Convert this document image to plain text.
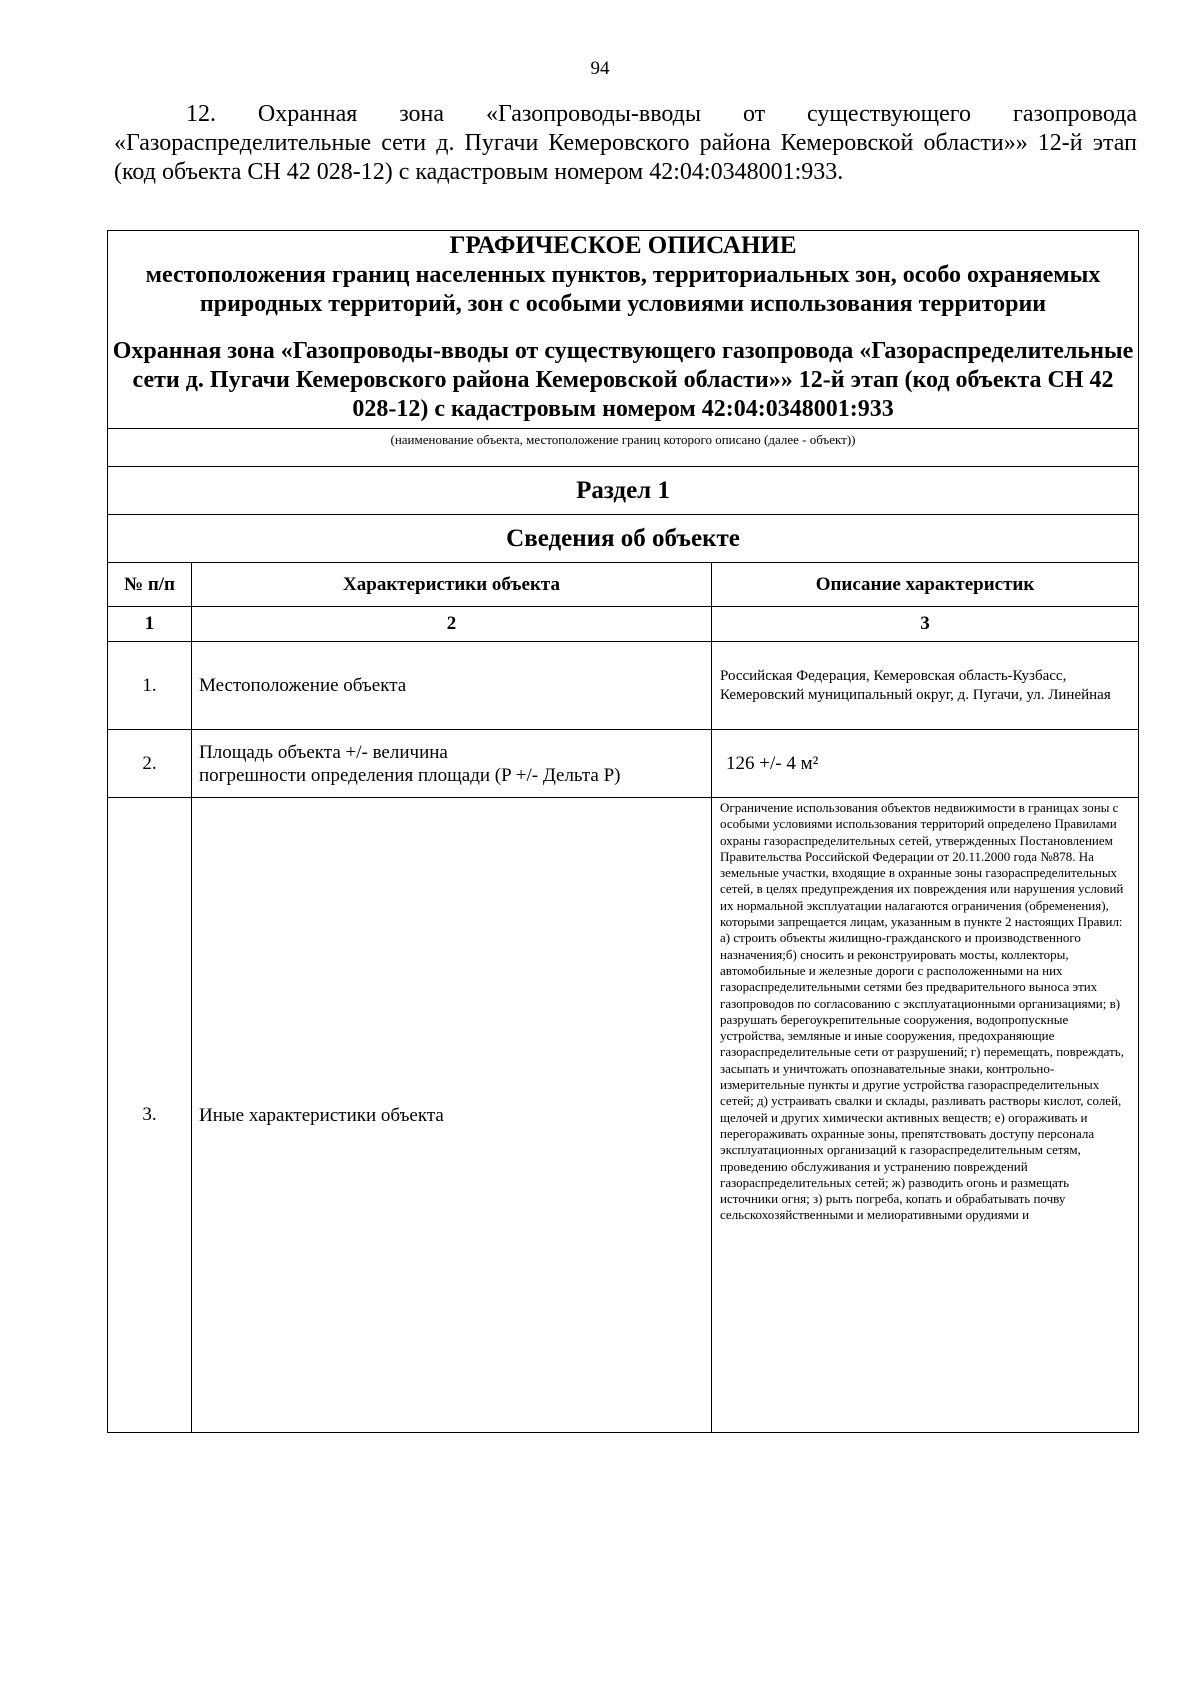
94
12. Охранная зона «Газопроводы-вводы от существующего газопровода «Газораспределительные сети д. Пугачи Кемеровского района Кемеровской области»» 12-й этап (код объекта СН 42 028-12) с кадастровым номером 42:04:0348001:933.
ГРАФИЧЕСКОЕ ОПИСАНИЕ
местоположения границ населенных пунктов, территориальных зон, особо охраняемых природных территорий, зон с особыми условиями использования территории
Охранная зона «Газопроводы-вводы от существующего газопровода «Газораспределительные сети д. Пугачи Кемеровского района Кемеровской области»» 12-й этап (код объекта СН 42 028-12) с кадастровым номером 42:04:0348001:933		

(наименование объекта, местоположение границ которого описано (далее - объект))		
Раздел 1		
Сведения об объекте		
№ п/п	Характеристики объекта	Описание характеристик
1	2	3
1.	Местоположение объекта	Российская Федерация, Кемеровская область-Кузбасс, Кемеровский муниципальный округ, д. Пугачи, ул. Линейная
2.	Площадь объекта +/- величина
погрешности определения площади (P +/- Дельта P)	126 +/- 4 м²
3.	Иные характеристики объекта	Ограничение использования объектов недвижимости в границах зоны с особыми условиями использования территорий определено Правилами охраны газораспределительных сетей, утвержденных Постановлением Правительства Российской Федерации от 20.11.2000 года №878. На земельные участки, входящие в охранные зоны газораспределительных сетей, в целях предупреждения их повреждения или нарушения условий их нормальной эксплуатации налагаются ограничения (обременения), которыми запрещается лицам, указанным в пункте 2 настоящих Правил: а) строить объекты жилищно-гражданского и производственного назначения;б) сносить и реконструировать мосты, коллекторы, автомобильные и железные дороги с расположенными на них газораспределительными сетями без предварительного выноса этих газопроводов по согласованию с эксплуатационными организациями; в) разрушать берегоукрепительные сооружения, водопропускные устройства, земляные и иные сооружения, предохраняющие газораспределительные сети от разрушений; г) перемещать, повреждать, засыпать и уничтожать опознавательные знаки, контрольно-измерительные пункты и другие устройства газораспределительных сетей; д) устраивать свалки и склады, разливать растворы кислот, солей, щелочей и других химически активных веществ; е) огораживать и перегораживать охранные зоны, препятствовать доступу персонала эксплуатационных организаций к газораспределительным сетям, проведению обслуживания и устранению повреждений газораспределительных сетей; ж) разводить огонь и размещать источники огня; з) рыть погреба, копать и обрабатывать почву сельскохозяйственными и мелиоративными орудиями и
